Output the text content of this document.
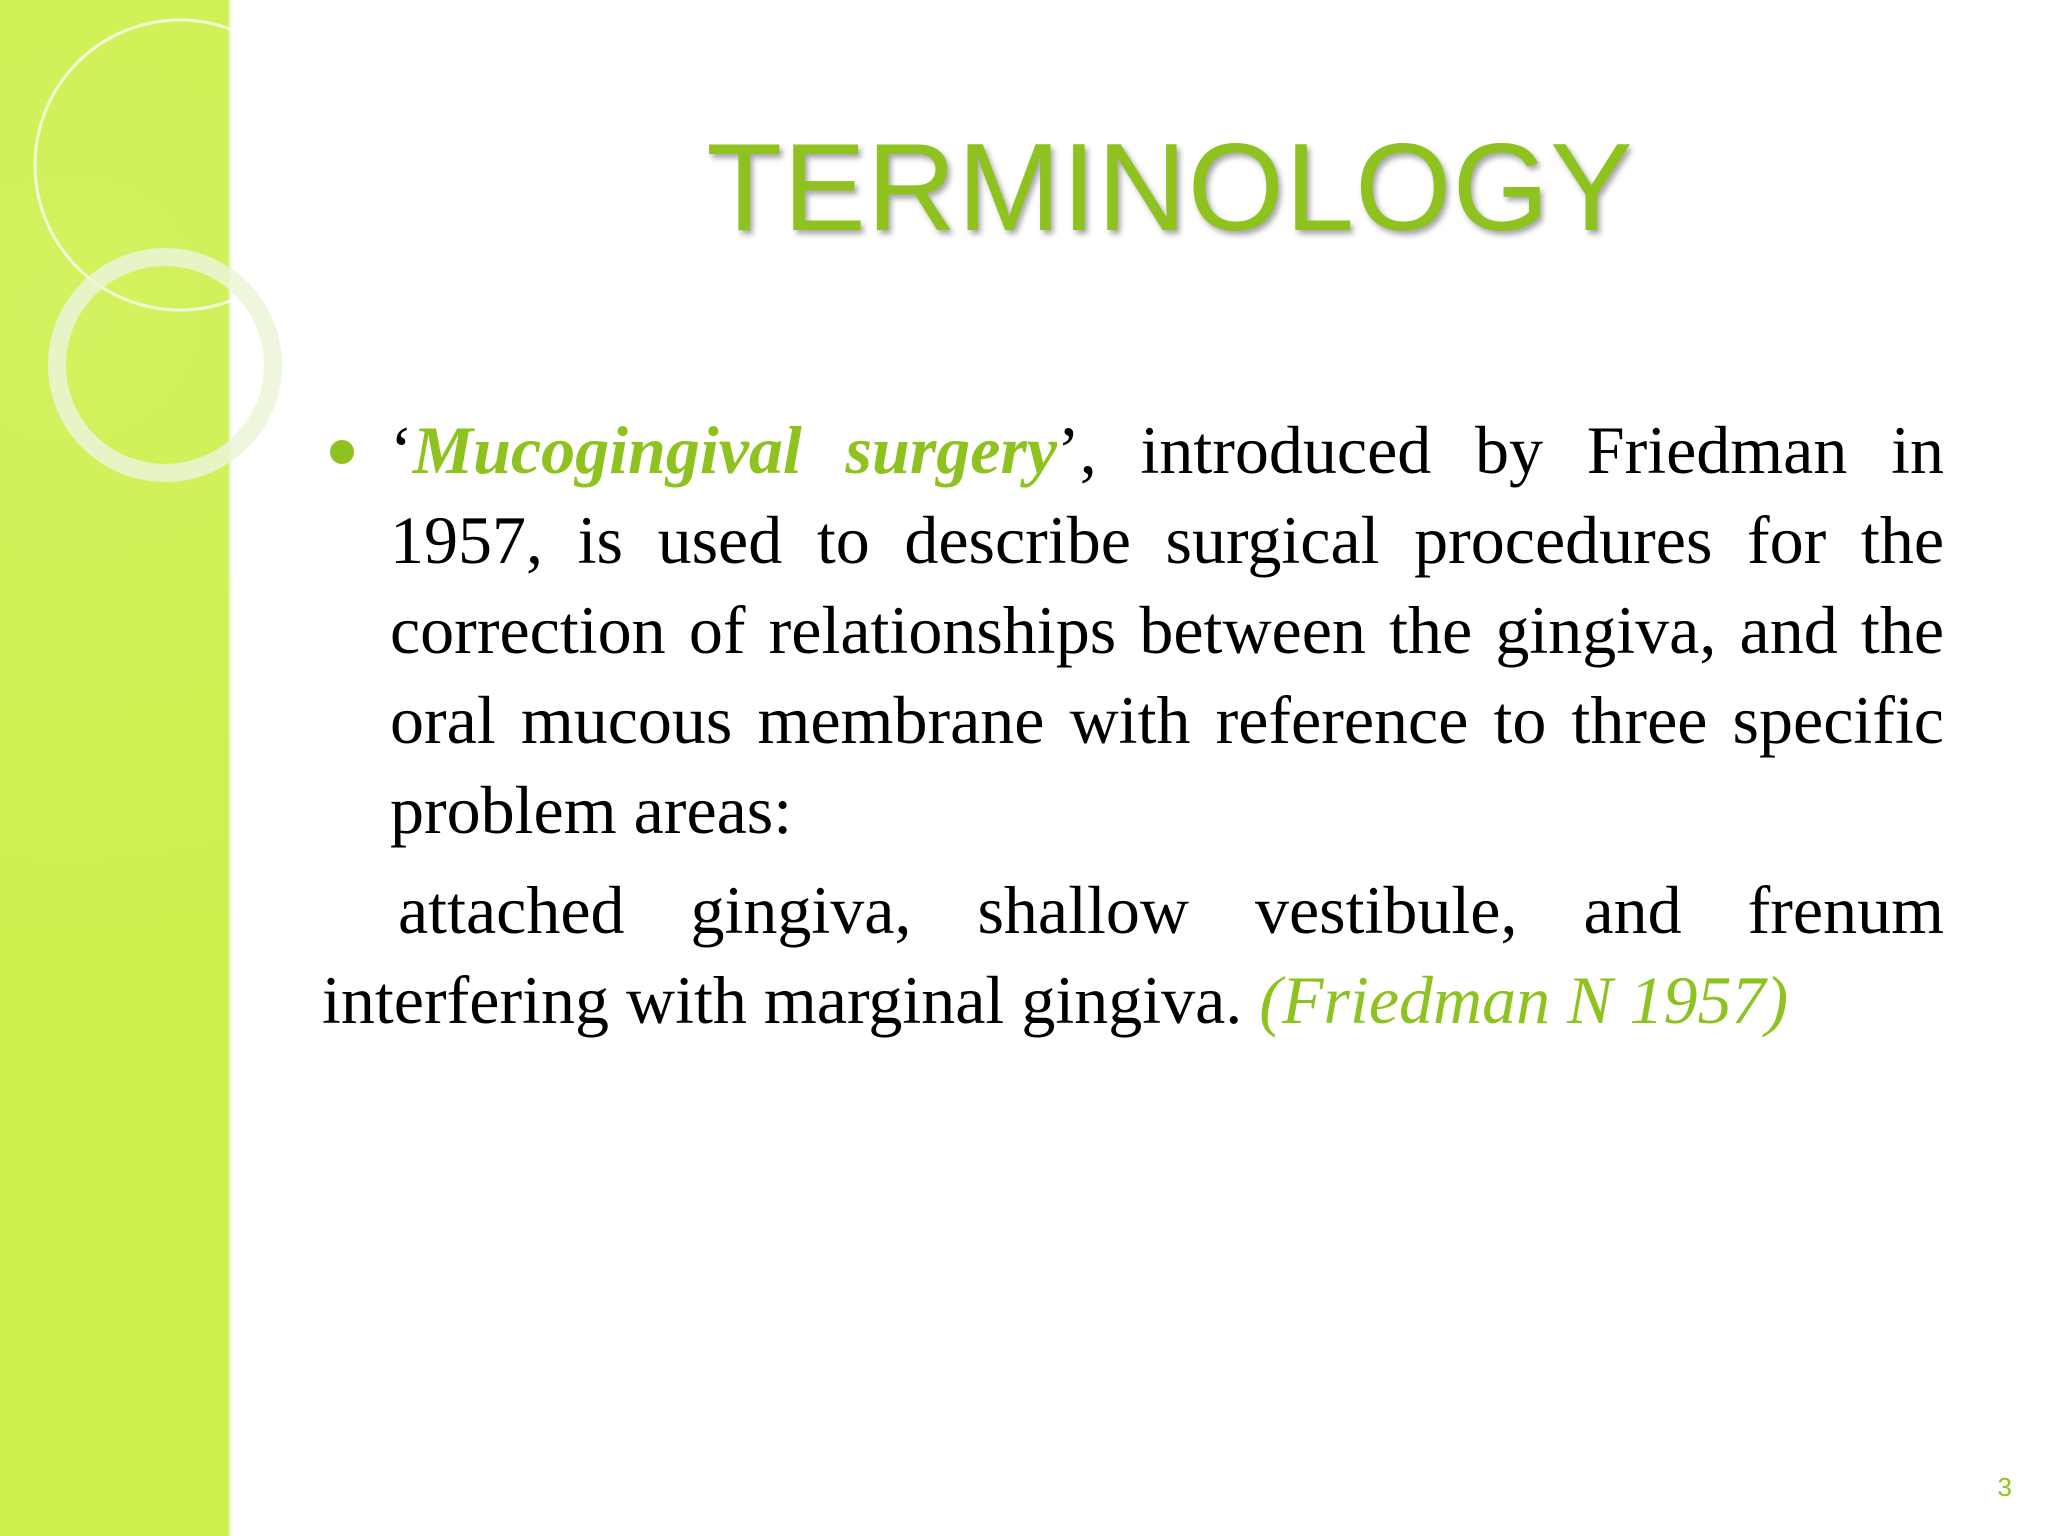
TERMINOLOGY

‘Mucogingival surgery’, introduced by Friedman in 1957, is used to describe surgical procedures for the correction of relationships between the gingiva, and the oral mucous membrane with reference to three specific problem areas:

attached gingiva, shallow vestibule, and frenum interfering with marginal gingiva. (Friedman N 1957)

3
